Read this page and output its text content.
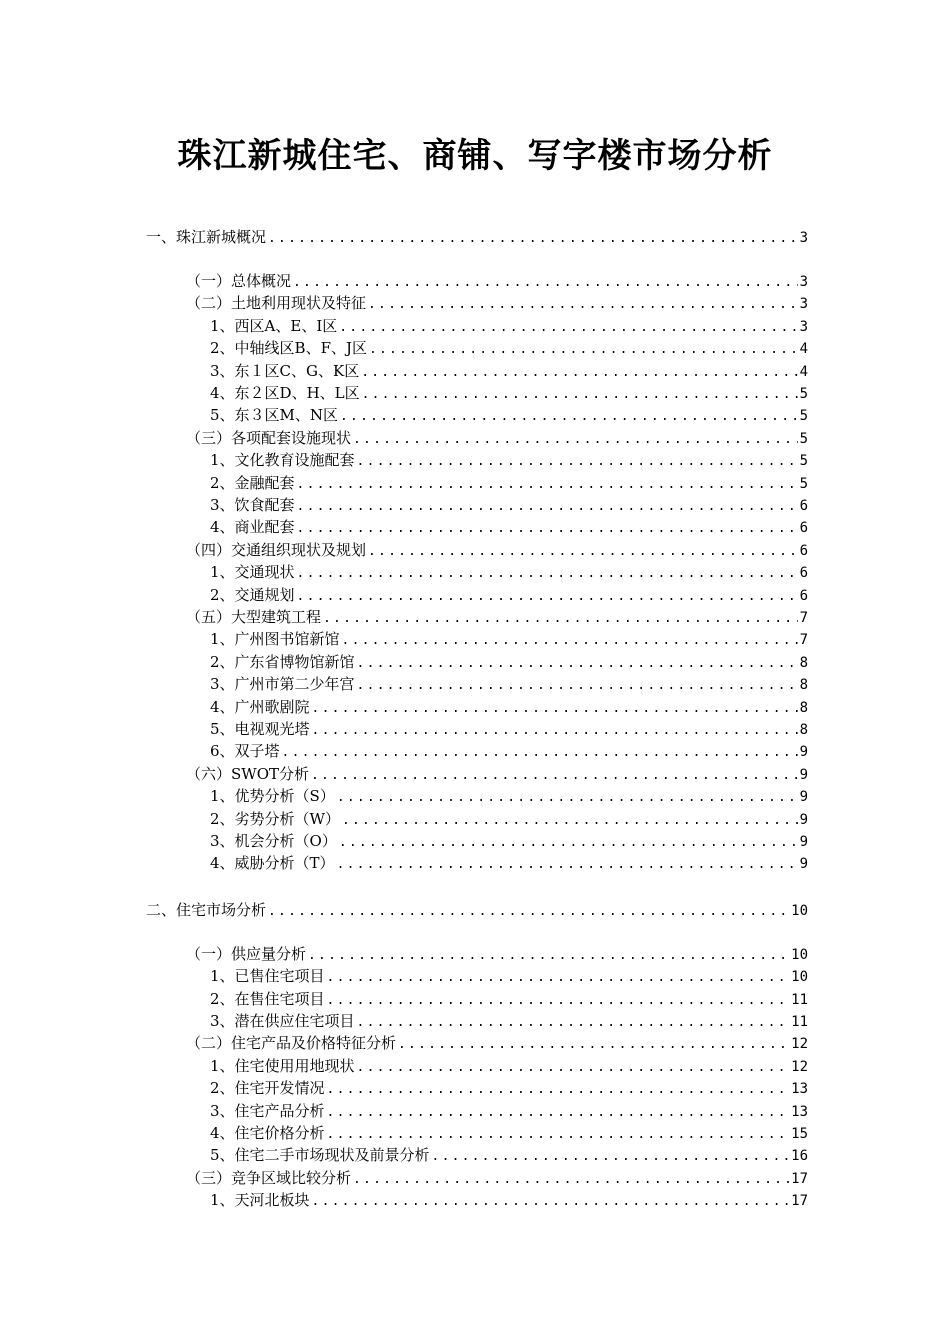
珠江新城住宅、商铺、写字楼市场分析
一、珠江新城概况 .....	3
（一）总体概况 .....	3
（二）土地利用现状及特征 .....	3
1、西区A、E、I区 .....	3
2、中轴线区B、F、J区 .....	4
3、东１区C、G、K区 .....	4
4、东２区D、H、L区 .....	5
5、东３区M、N区 .....	5
（三）各项配套设施现状 .....	5
1、文化教育设施配套 .....	5
2、金融配套 .....	5
3、饮食配套 .....	6
4、商业配套 .....	6
（四）交通组织现状及规划 .....	6
1、交通现状 .....	6
2、交通规划 .....	6
（五）大型建筑工程 .....	7
1、广州图书馆新馆 .....	7
2、广东省博物馆新馆 .....	8
3、广州市第二少年宫 .....	8
4、广州歌剧院 .....	8
5、电视观光塔 .....	8
6、双子塔 .....	9
（六）SWOT分析 .....	9
1、优势分析（S） .....	9
2、劣势分析（W） .....	9
3、机会分析（O） .....	9
4、威胁分析（T） .....	9
二、住宅市场分析 .....	10
（一）供应量分析 .....	10
1、已售住宅项目 .....	10
2、在售住宅项目 .....	11
3、潜在供应住宅项目 .....	11
（二）住宅产品及价格特征分析 .....	12
1、住宅使用用地现状 .....	12
2、住宅开发情况 .....	13
3、住宅产品分析 .....	13
4、住宅价格分析 .....	15
5、住宅二手市场现状及前景分析 .....	16
（三）竞争区域比较分析 .....	17
1、天河北板块 .....	17
